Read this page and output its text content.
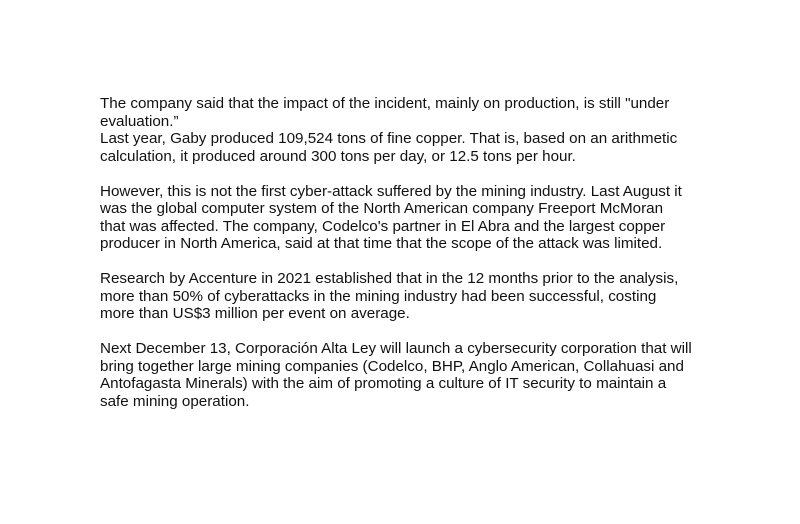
The company said that the impact of the incident, mainly on production, is still "under
evaluation.”
Last year, Gaby produced 109,524 tons of fine copper. That is, based on an arithmetic
calculation, it produced around 300 tons per day, or 12.5 tons per hour.

However, this is not the first cyber-attack suffered by the mining industry. Last August it
was the global computer system of the North American company Freeport McMoran
that was affected. The company, Codelco's partner in El Abra and the largest copper
producer in North America, said at that time that the scope of the attack was limited.

Research by Accenture in 2021 established that in the 12 months prior to the analysis,
more than 50% of cyberattacks in the mining industry had been successful, costing
more than US$3 million per event on average.

Next December 13, Corporación Alta Ley will launch a cybersecurity corporation that will
bring together large mining companies (Codelco, BHP, Anglo American, Collahuasi and
Antofagasta Minerals) with the aim of promoting a culture of IT security to maintain a
safe mining operation.
